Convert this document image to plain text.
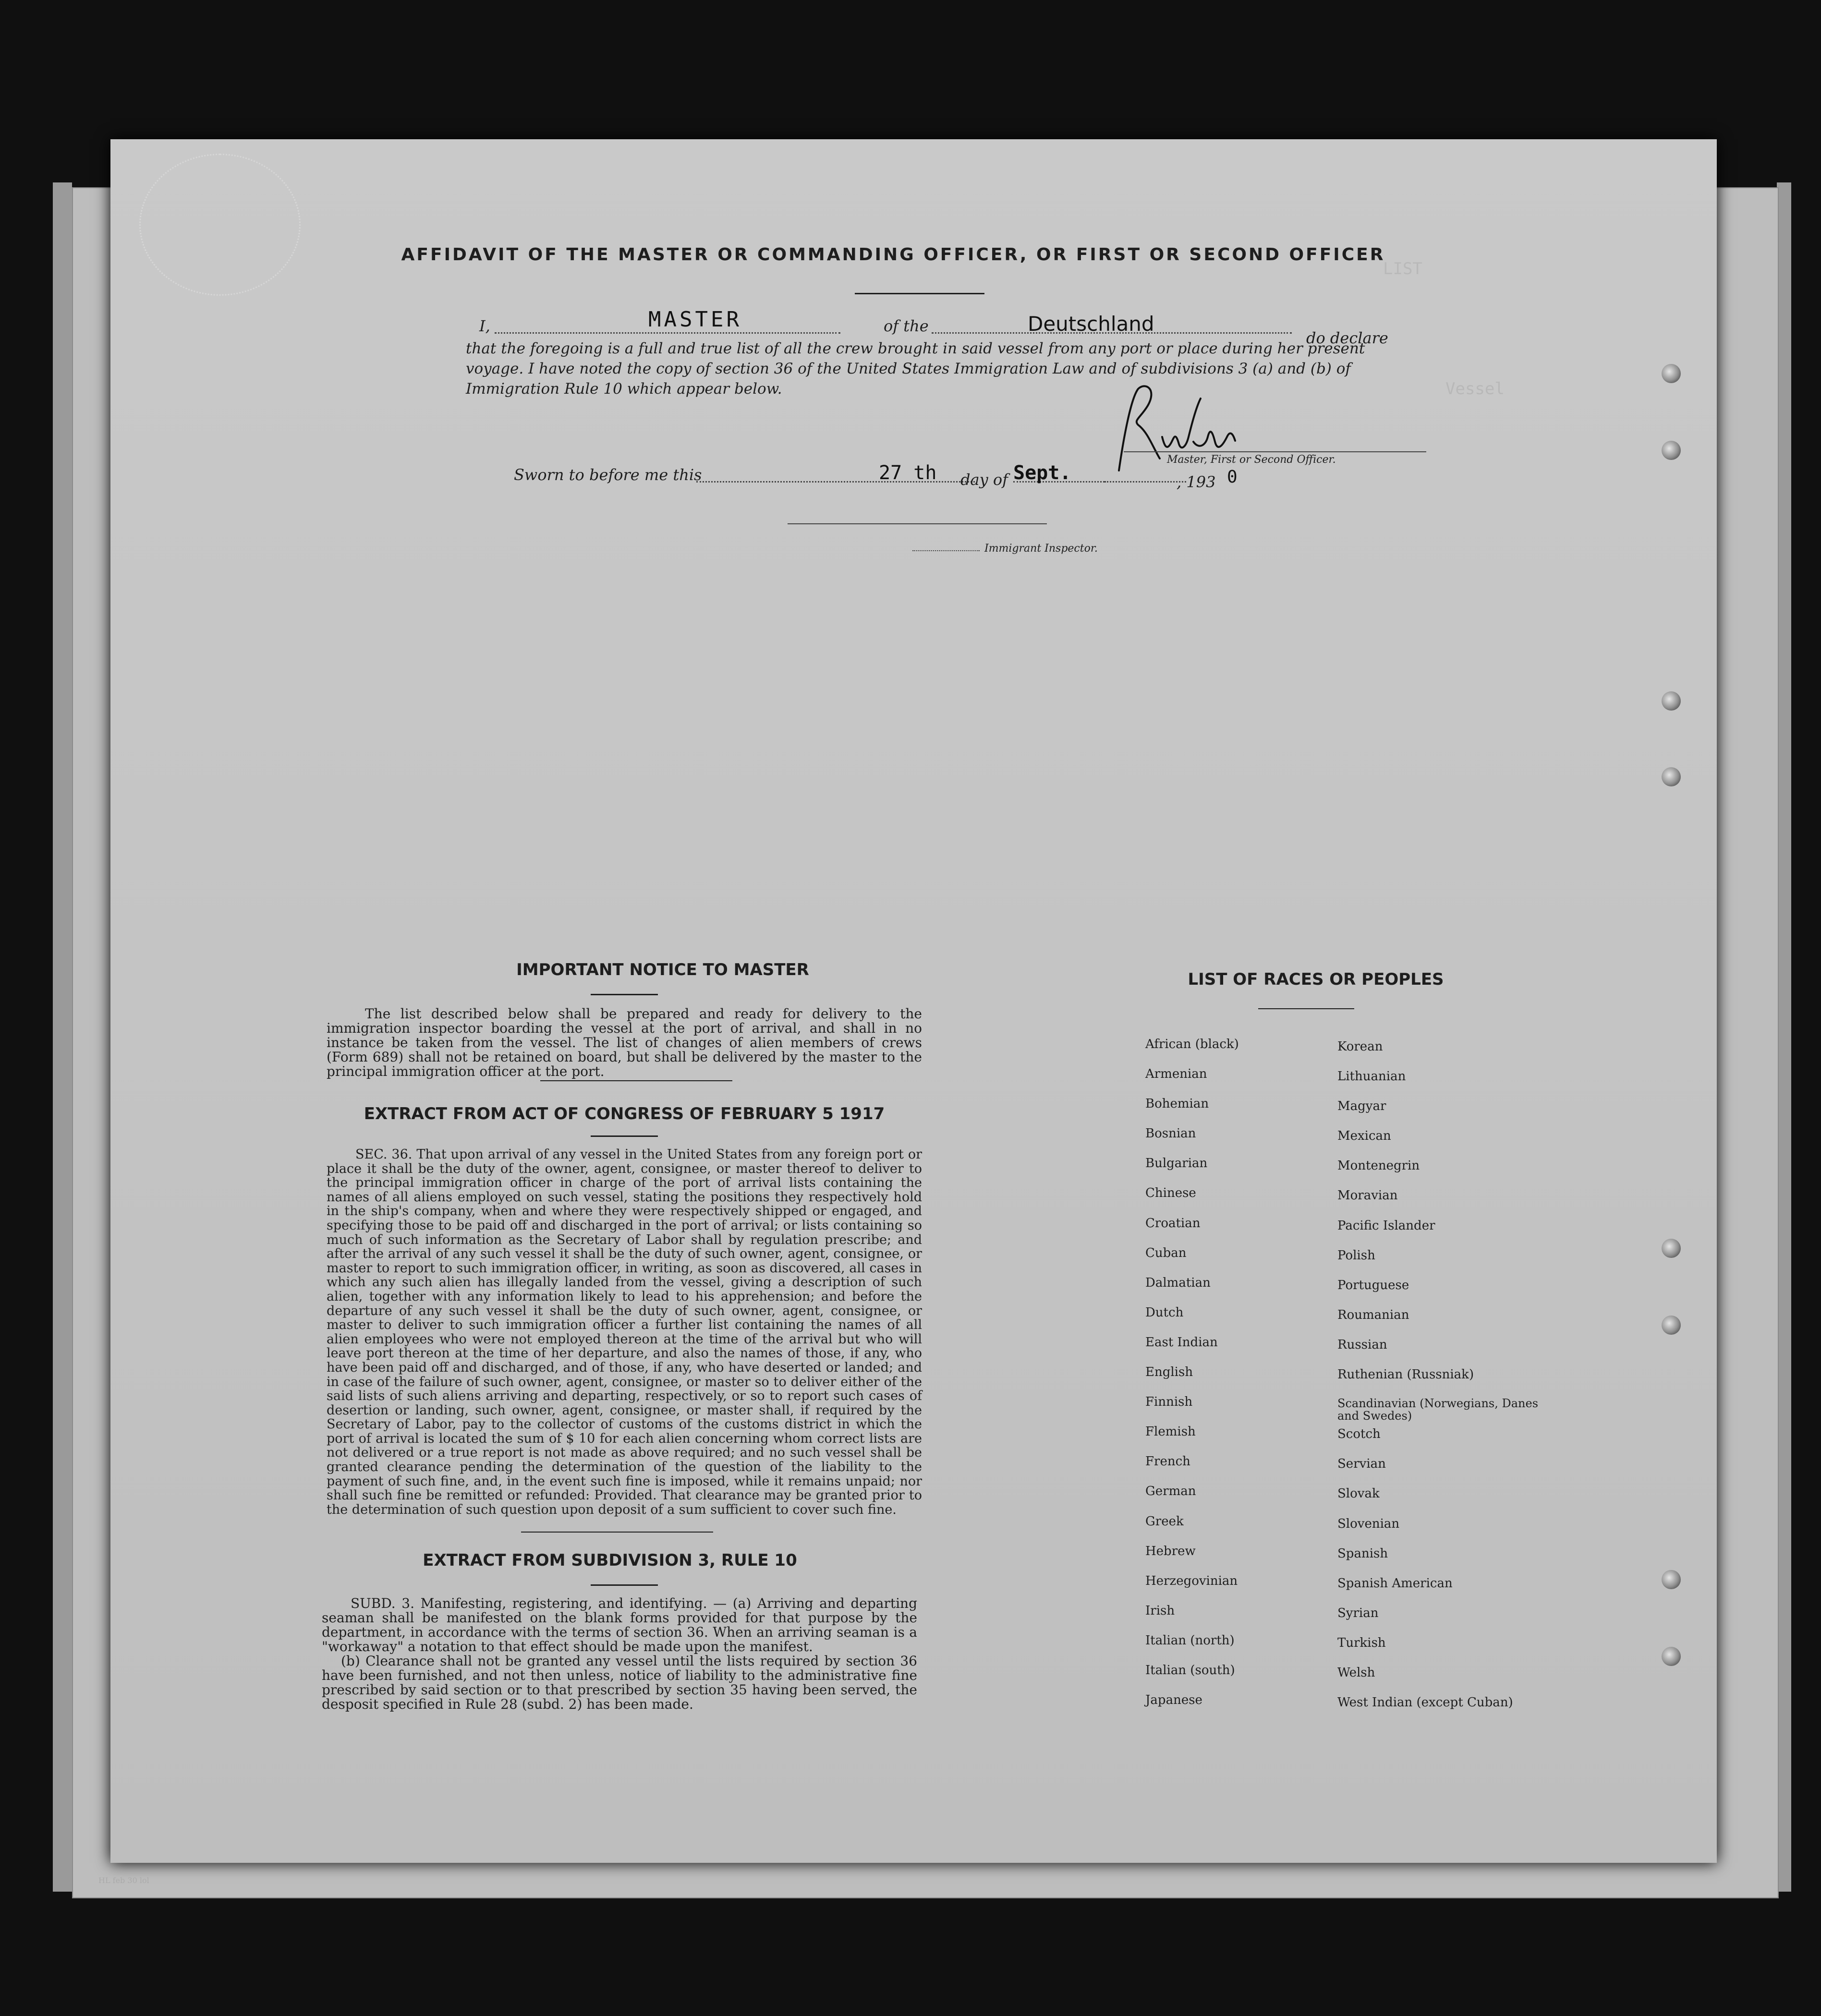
LIST
Vessel
AFFIDAVIT OF THE MASTER OR COMMANDING OFFICER, OR FIRST OR SECOND OFFICER
I,	MASTER	of the	Deutschland
do declare
that the foregoing is a full and true list of all the crew brought in said vessel from any port or place during her present
voyage. I have noted the copy of section 36 of the United States Immigration Law and of subdivisions 3 (a) and (b) of
Immigration Rule 10 which appear below.
Master, First or Second Officer.
Sworn to before me this	27 th day of Sept.	, 193 0
Immigrant Inspector.
IMPORTANT NOTICE TO MASTER

The list described below shall be prepared and ready for delivery to the immigration inspector boarding the vessel at the port of arrival, and shall in no instance be taken from the vessel. The list of changes of alien members of crews (Form 689) shall not be retained on board, but shall be delivered by the master to the principal immigration officer at the port.

EXTRACT FROM ACT OF CONGRESS OF FEBRUARY 5 1917

SEC. 36. That upon arrival of any vessel in the United States from any foreign port or place it shall be the duty of the owner, agent, consignee, or master thereof to deliver to the principal immigration officer in charge of the port of arrival lists containing the names of all aliens employed on such vessel, stating the positions they respectively hold in the ship's company, when and where they were respectively shipped or engaged, and specifying those to be paid off and discharged in the port of arrival; or lists containing so much of such information as the Secretary of Labor shall by regulation prescribe; and after the arrival of any such vessel it shall be the duty of such owner, agent, consignee, or master to report to such immigration officer, in writing, as soon as discovered, all cases in which any such alien has illegally landed from the vessel, giving a description of such alien, together with any information likely to lead to his apprehension; and before the departure of any such vessel it shall be the duty of such owner, agent, consignee, or master to deliver to such immigration officer a further list containing the names of all alien employees who were not employed thereon at the time of the arrival but who will leave port thereon at the time of her departure, and also the names of those, if any, who have been paid off and discharged, and of those, if any, who have deserted or landed; and in case of the failure of such owner, agent, consignee, or master so to deliver either of the said lists of such aliens arriving and departing, respectively, or so to report such cases of desertion or landing, such owner, agent, consignee, or master shall, if required by the Secretary of Labor, pay to the collector of customs of the customs district in which the port of arrival is located the sum of $ 10 for each alien concerning whom correct lists are not delivered or a true report is not made as above required; and no such vessel shall be granted clearance pending the determination of the question of the liability to the payment of such fine, and, in the event such fine is imposed, while it remains unpaid; nor shall such fine be remitted or refunded: Provided. That clearance may be granted prior to the determination of such question upon deposit of a sum sufficient to cover such fine.

EXTRACT FROM SUBDIVISION 3, RULE 10

SUBD. 3. Manifesting, registering, and identifying. — (a) Arriving and departing seaman shall be manifested on the blank forms provided for that purpose by the department, in accordance with the terms of section 36. When an arriving seaman is a "workaway" a notation to that effect should be made upon the manifest.

(b) Clearance shall not be granted any vessel until the lists required by section 36 have been furnished, and not then unless, notice of liability to the administrative fine prescribed by said section or to that prescribed by section 35 having been served, the desposit specified in Rule 28 (subd. 2) has been made.

LIST OF RACES OR PEOPLES
African (black)
Armenian
Bohemian
Bosnian
Bulgarian
Chinese
Croatian
Cuban
Dalmatian
Dutch
East Indian
English
Finnish
Flemish
French
German
Greek
Hebrew
Herzegovinian
Irish
Italian (north)
Italian (south)
Japanese
Korean
Lithuanian
Magyar
Mexican
Montenegrin
Moravian
Pacific Islander
Polish
Portuguese
Roumanian
Russian
Ruthenian (Russniak)
Scandinavian (Norwegians, Danes and Swedes)
Scotch
Servian
Slovak
Slovenian
Spanish
Spanish American
Syrian
Turkish
Welsh
West Indian (except Cuban)
HL feb 30 lol
